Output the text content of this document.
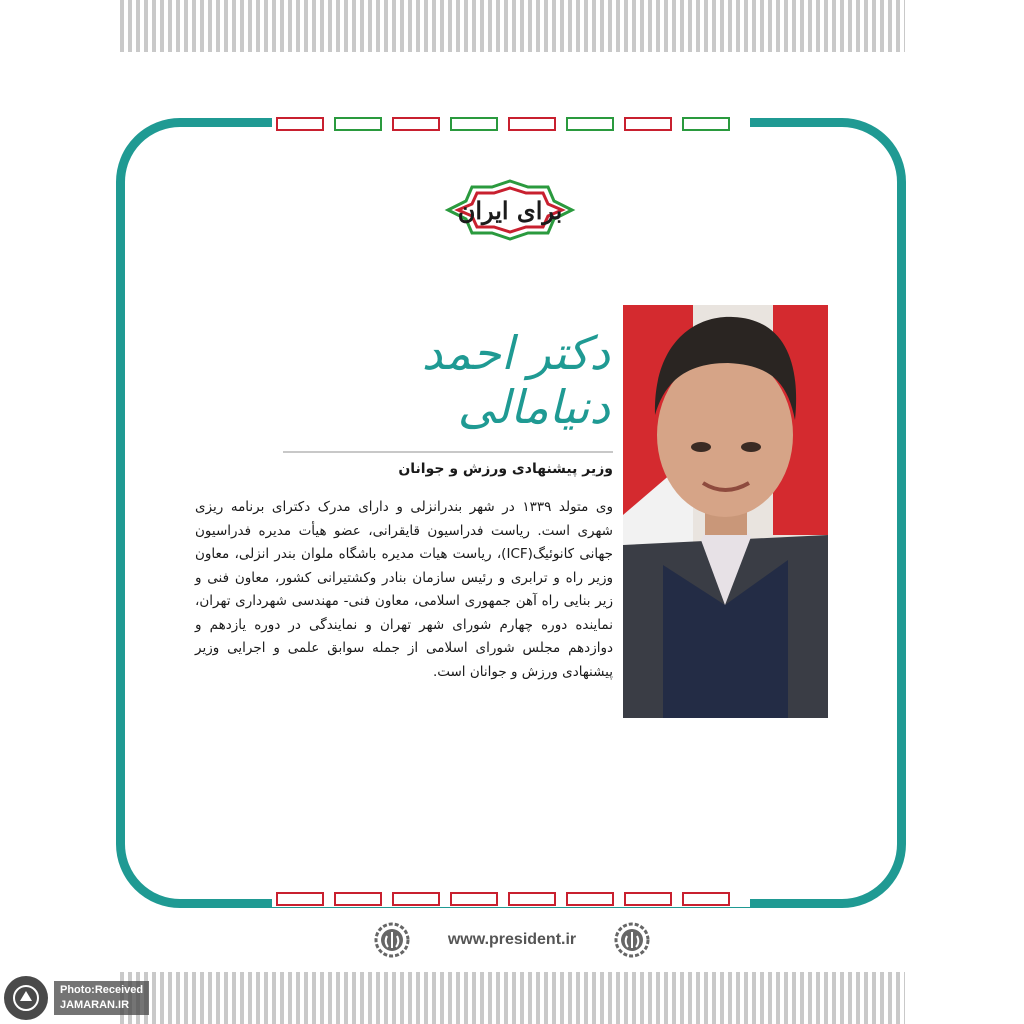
برای ایران
دکتر احمد دنیامالی
وزیر پیشنهادی ورزش و جوانان
وی متولد ۱۳۳۹ در شهر بندرانزلی و دارای مدرک دکترای برنامه ریزی شهری است. ریاست فدراسیون قایقرانی، عضو هیأت مدیره فدراسیون جهانی کانوئیگ(ICF)، ریاست هیات مدیره باشگاه ملوان بندر انزلی، معاون وزیر راه و ترابری و رئیس سازمان بنادر وکشتیرانی کشور، معاون فنی و زیر بنایی راه آهن جمهوری اسلامی، معاون فنی- مهندسی شهرداری تهران، نماینده دوره چهارم شورای شهر تهران و نمایندگی در دوره یازدهم و دوازدهم مجلس شورای اسلامی از جمله سوابق علمی و اجرایی وزیر پیشنهادی ورزش و جوانان است.
www.president.ir
Photo:Received
JAMARAN.IR
